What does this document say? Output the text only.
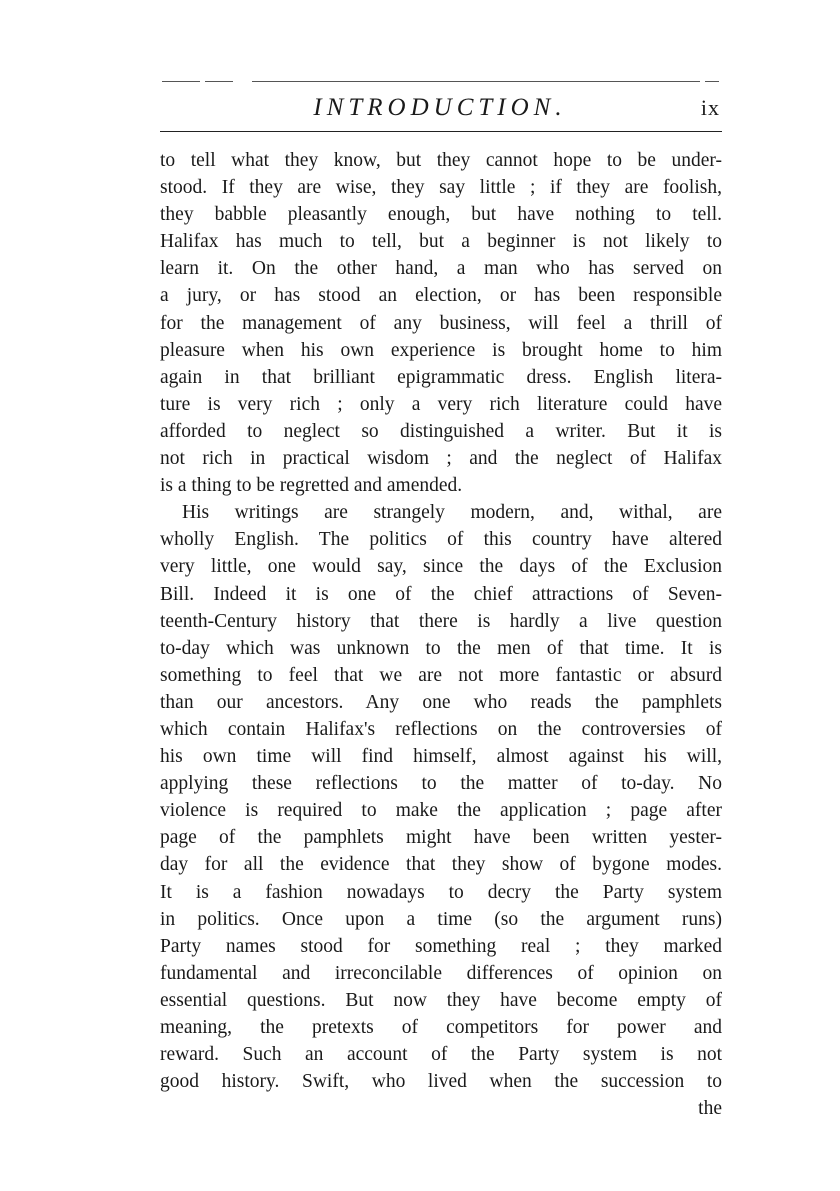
INTRODUCTION.	ix
to tell what they know, but they cannot hope to be under-
stood. If they are wise, they say little ; if they are foolish,
they babble pleasantly enough, but have nothing to tell.
Halifax has much to tell, but a beginner is not likely to
learn it. On the other hand, a man who has served on
a jury, or has stood an election, or has been responsible
for the management of any business, will feel a thrill of
pleasure when his own experience is brought home to him
again in that brilliant epigrammatic dress. English litera-
ture is very rich ; only a very rich literature could have
afforded to neglect so distinguished a writer. But it is
not rich in practical wisdom ; and the neglect of Halifax
is a thing to be regretted and amended.
His writings are strangely modern, and, withal, are
wholly English. The politics of this country have altered
very little, one would say, since the days of the Exclusion
Bill. Indeed it is one of the chief attractions of Seven-
teenth-Century history that there is hardly a live question
to-day which was unknown to the men of that time. It is
something to feel that we are not more fantastic or absurd
than our ancestors. Any one who reads the pamphlets
which contain Halifax's reflections on the controversies of
his own time will find himself, almost against his will,
applying these reflections to the matter of to-day. No
violence is required to make the application ; page after
page of the pamphlets might have been written yester-
day for all the evidence that they show of bygone modes.
It is a fashion nowadays to decry the Party system
in politics. Once upon a time (so the argument runs)
Party names stood for something real ; they marked
fundamental and irreconcilable differences of opinion on
essential questions. But now they have become empty of
meaning, the pretexts of competitors for power and
reward. Such an account of the Party system is not
good history. Swift, who lived when the succession to
the
